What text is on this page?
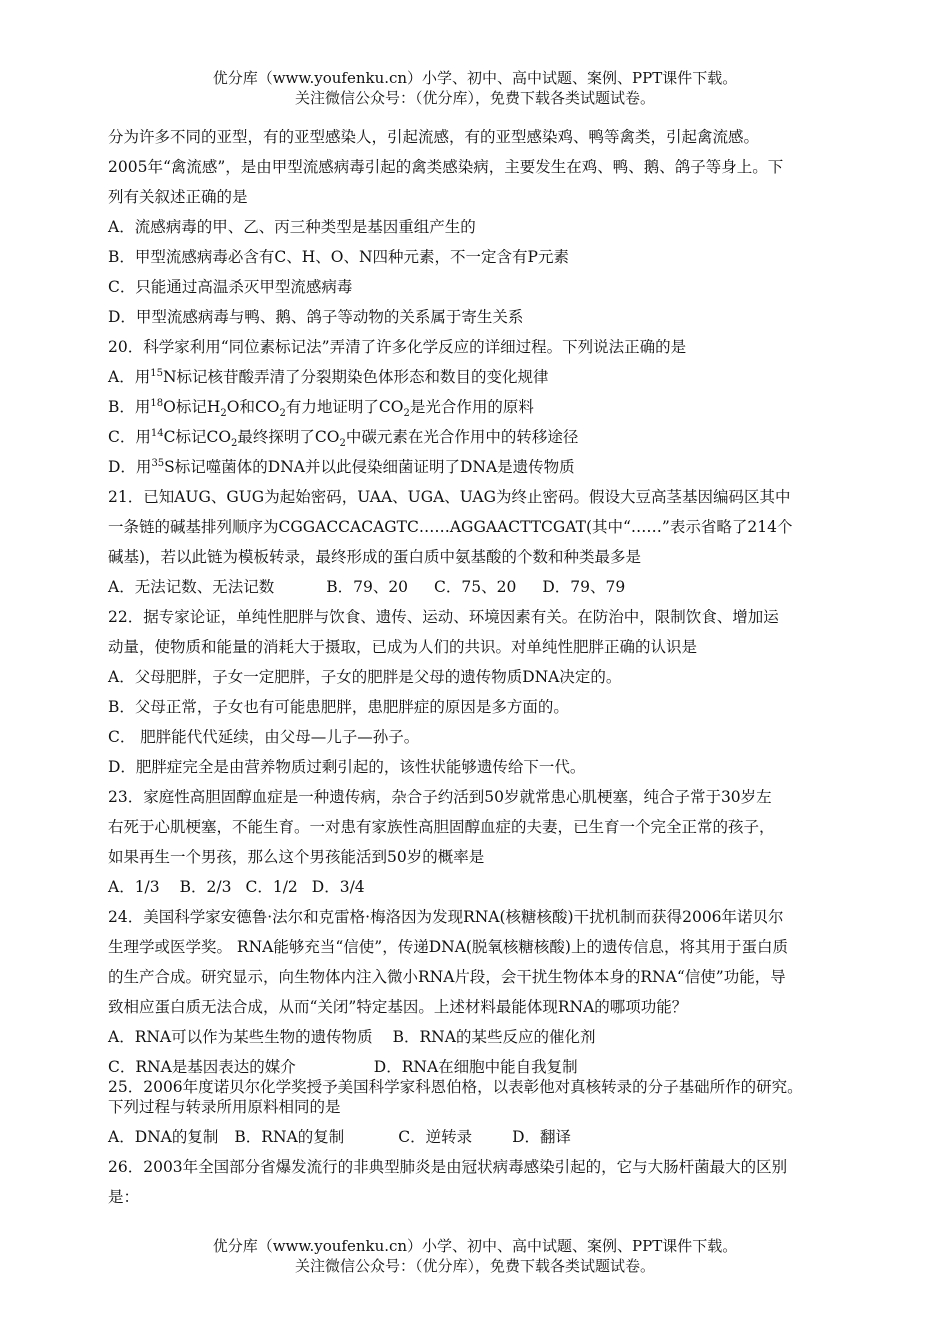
优分库（www.youfenku.cn）小学、初中、高中试题、案例、PPT课件下载。
关注微信公众号：（优分库），免费下载各类试题试卷。
分为许多不同的亚型，有的亚型感染人，引起流感，有的亚型感染鸡、鸭等禽类，引起禽流感。
2005年“禽流感”，是由甲型流感病毒引起的禽类感染病，主要发生在鸡、鸭、鹅、鸽子等身上。下
列有关叙述正确的是
A．流感病毒的甲、乙、丙三种类型是基因重组产生的
B．甲型流感病毒必含有C、H、O、N四种元素，不一定含有P元素
C．只能通过高温杀灭甲型流感病毒
D．甲型流感病毒与鸭、鹅、鸽子等动物的关系属于寄生关系
20．科学家利用“同位素标记法”弄清了许多化学反应的详细过程。下列说法正确的是
A．用$^{15}$N标记核苷酸弄清了分裂期染色体形态和数目的变化规律
B．用$^{18}$O标记$H_2O$和$CO_2$有力地证明了$CO_2$是光合作用的原料
C．用$^{14}$C标记$CO_2$最终探明了$CO_2$中碳元素在光合作用中的转移途径
D．用$^{35}$S标记噬菌体的DNA并以此侵染细菌证明了DNA是遗传物质
21．已知AUG、GUG为起始密码，UAA、UGA、UAG为终止密码。假设大豆高茎基因编码区其中
一条链的碱基排列顺序为CGGACCACAGTC……AGGAACTTCGAT(其中“……”表示省略了214个
碱基)，若以此链为模板转录，最终形成的蛋白质中氨基酸的个数和种类最多是
A．无法记数、无法记数	B．79、20 C．75、20 D．79、79
22．据专家论证，单纯性肥胖与饮食、遗传、运动、环境因素有关。在防治中，限制饮食、增加运
动量，使物质和能量的消耗大于摄取，已成为人们的共识。对单纯性肥胖正确的认识是
A．父母肥胖，子女一定肥胖，子女的肥胖是父母的遗传物质DNA决定的。
B．父母正常，子女也有可能患肥胖，患肥胖症的原因是多方面的。
C． 肥胖能代代延续，由父母—儿子—孙子。
D．肥胖症完全是由营养物质过剩引起的，该性状能够遗传给下一代。
23．家庭性高胆固醇血症是一种遗传病，杂合子约活到50岁就常患心肌梗塞，纯合子常于30岁左
右死于心肌梗塞，不能生育。一对患有家族性高胆固醇血症的夫妻，已生育一个完全正常的孩子，
如果再生一个男孩，那么这个男孩能活到50岁的概率是
A．1/3 B．2/3 C．1/2 D．3/4
24．美国科学家安德鲁·法尔和克雷格·梅洛因为发现RNA(核糖核酸)干扰机制而获得2006年诺贝尔
生理学或医学奖。 RNA能够充当“信使”，传递DNA(脱氧核糖核酸)上的遗传信息，将其用于蛋白质
的生产合成。研究显示，向生物体内注入微小RNA片段，会干扰生物体本身的RNA“信使”功能，导
致相应蛋白质无法合成，从而“关闭”特定基因。上述材料最能体现RNA的哪项功能？
A．RNA可以作为某些生物的遗传物质 B．RNA的某些反应的催化剂
C．RNA是基因表达的媒介	D．RNA在细胞中能自我复制
25．2006年度诺贝尔化学奖授予美国科学家科恩伯格，以表彰他对真核转录的分子基础所作的研究。
下列过程与转录所用原料相同的是
A．DNA的复制 B．RNA的复制	C．逆转录	D．翻译
26．2003年全国部分省爆发流行的非典型肺炎是由冠状病毒感染引起的，它与大肠杆菌最大的区别
是：
优分库（www.youfenku.cn）小学、初中、高中试题、案例、PPT课件下载。
关注微信公众号：（优分库），免费下载各类试题试卷。
